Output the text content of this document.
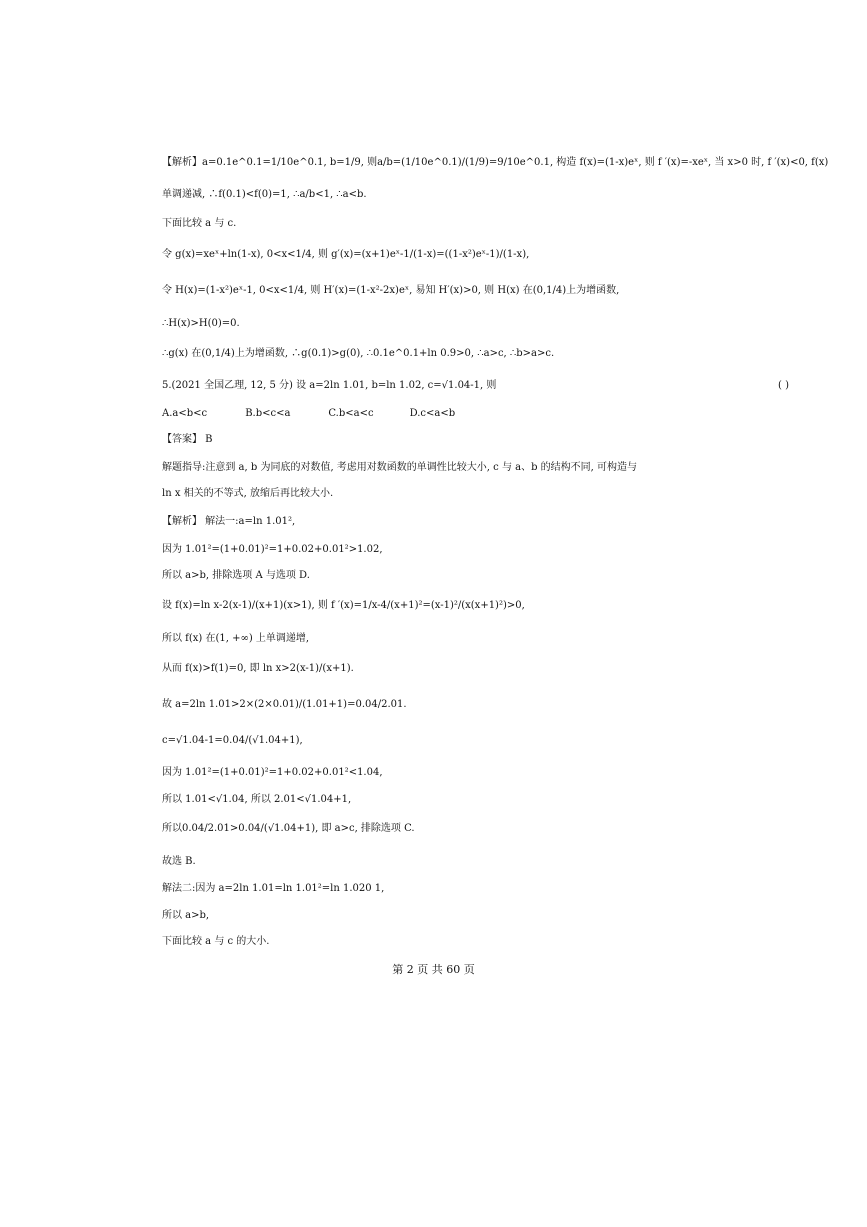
【解析】a=0.1e^0.1=1/10e^0.1, b=1/9, 则a/b=(1/10e^0.1)/(1/9)=9/10e^0.1, 构造 f(x)=(1-x)eˣ, 则 f ′(x)=-xeˣ, 当 x>0 时, f ′(x)<0, f(x)
单调递减, ∴f(0.1)<f(0)=1, ∴a/b<1, ∴a<b.
下面比较 a 与 c.
令 g(x)=xeˣ+ln(1-x), 0<x<1/4, 则 g′(x)=(x+1)eˣ-1/(1-x)=((1-x²)eˣ-1)/(1-x),
令 H(x)=(1-x²)eˣ-1, 0<x<1/4, 则 H′(x)=(1-x²-2x)eˣ, 易知 H′(x)>0, 则 H(x) 在(0,1/4)上为增函数,
∴H(x)>H(0)=0.
∴g(x) 在(0,1/4)上为增函数, ∴g(0.1)>g(0), ∴0.1e^0.1+ln 0.9>0, ∴a>c, ∴b>a>c.
5.(2021 全国乙理, 12, 5 分) 设 a=2ln 1.01, b=ln 1.02, c=√1.04-1, 则	( )
A.a<b<c	B.b<c<a	C.b<a<c	D.c<a<b
【答案】 B
解题指导:注意到 a, b 为同底的对数值, 考虑用对数函数的单调性比较大小, c 与 a、b 的结构不同, 可构造与
ln x 相关的不等式, 放缩后再比较大小.
【解析】 解法一:a=ln 1.01²,
因为 1.01²=(1+0.01)²=1+0.02+0.01²>1.02,
所以 a>b, 排除选项 A 与选项 D.
设 f(x)=ln x-2(x-1)/(x+1)(x>1), 则 f ′(x)=1/x-4/(x+1)²=(x-1)²/(x(x+1)²)>0,
所以 f(x) 在(1, +∞) 上单调递增,
从而 f(x)>f(1)=0, 即 ln x>2(x-1)/(x+1).
故 a=2ln 1.01>2×(2×0.01)/(1.01+1)=0.04/2.01.
c=√1.04-1=0.04/(√1.04+1),
因为 1.01²=(1+0.01)²=1+0.02+0.01²<1.04,
所以 1.01<√1.04, 所以 2.01<√1.04+1,
所以0.04/2.01>0.04/(√1.04+1), 即 a>c, 排除选项 C.
故选 B.
解法二:因为 a=2ln 1.01=ln 1.01²=ln 1.020 1,
所以 a>b,
下面比较 a 与 c 的大小.
第 2 页 共 60 页
